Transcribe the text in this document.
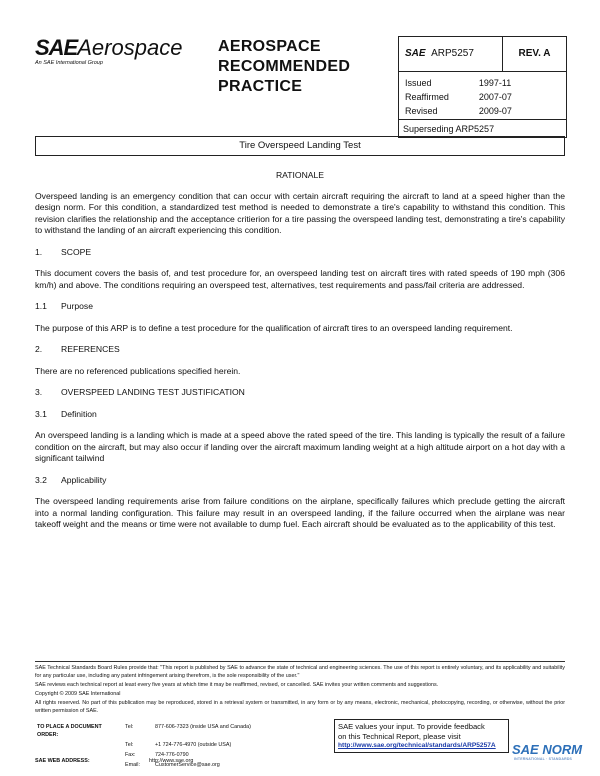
SAEAerospace
An SAE International Group
AEROSPACE
RECOMMENDED
PRACTICE
SAE ARP5257	REV. A
Issued	1997-11
Reaffirmed	2007-07
Revised	2009-07
Superseding ARP5257
Tire Overspeed Landing Test
RATIONALE

Overspeed landing is an emergency condition that can occur with certain aircraft requiring the aircraft to land at a speed higher than the design norm. For this condition, a standardized test method is needed to demonstrate a tire's capability to withstand this condition. This revision clarifies the relationship and the acceptance critierion for a tire passing the overspeed landing test, demonstrating a tire's capability to withstand the landing of an aircraft experiencing this condition.

1. SCOPE

This document covers the basis of, and test procedure for, an overspeed landing test on aircraft tires with rated speeds of 190 mph (306 km/h) and above. The conditions requiring an overspeed test, alternatives, test requirements and pass/fail criteria are addressed.

1.1 Purpose

The purpose of this ARP is to define a test procedure for the qualification of aircraft tires to an overspeed landing requirement.

2. REFERENCES

There are no referenced publications specified herein.

3. OVERSPEED LANDING TEST JUSTIFICATION
3.1 Definition

An overspeed landing is a landing which is made at a speed above the rated speed of the tire. This landing is typically the result of a failure condition on the aircraft, but may also occur if landing over the aircraft maximum landing weight at a high altitude airport on a hot day with a significant tailwind

3.2 Applicability

The overspeed landing requirements arise from failure conditions on the airplane, specifically failures which preclude getting the aircraft into a normal landing configuration. This failure may result in an overspeed landing, if the failure occurred when the airplane was near takeoff weight and the means or time were not available to dump fuel. Each aircraft should be evaluated as to the applicability of this test.

SAE Technical Standards Board Rules provide that: "This report is published by SAE to advance the state of technical and engineering sciences. The use of this report is entirely voluntary, and its applicability and suitability for any particular use, including any patent infringement arising therefrom, is the sole responsibility of the user."

SAE reviews each technical report at least every five years at which time it may be reaffirmed, revised, or cancelled. SAE invites your written comments and suggestions.

Copyright © 2009 SAE International

All rights reserved. No part of this publication may be reproduced, stored in a retrieval system or transmitted, in any form or by any means, electronic, mechanical, photocopying, recording, or otherwise, without the prior written permission of SAE.

TO PLACE A DOCUMENT ORDER:	Tel:	877-606-7323 (inside USA and Canada)
	Tel:	+1 724-776-4970 (outside USA)
	Fax:	724-776-0790
	Email:	CustomerService@sae.org
SAE WEB ADDRESS:	http://www.sae.org
SAE values your input. To provide feedback
on this Technical Report, please visit
http://www.sae.org/technical/standards/ARP5257A	SAE NORM
INTERNATIONAL · STANDARDS
